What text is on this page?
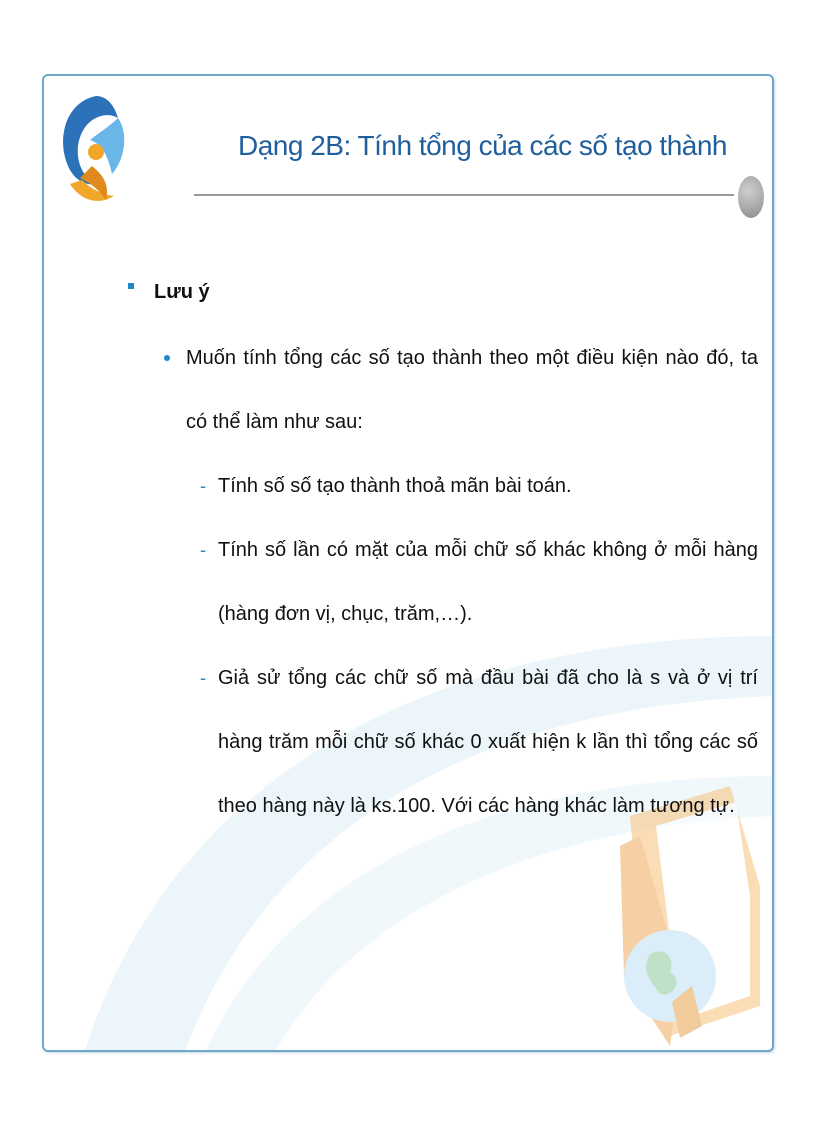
Dạng 2B: Tính tổng của các số tạo thành

Lưu ý

Muốn tính tổng các số tạo thành theo một điều kiện nào đó, ta có thể làm như sau:

- Tính số số tạo thành thoả mãn bài toán.

- Tính số lần có mặt của mỗi chữ số khác không ở mỗi hàng (hàng đơn vị, chục, trăm,…).

- Giả sử tổng các chữ số mà đầu bài đã cho là s và ở vị trí hàng trăm mỗi chữ số khác 0 xuất hiện k lần thì tổng các số theo hàng này là ks.100. Với các hàng khác làm tương tự.
